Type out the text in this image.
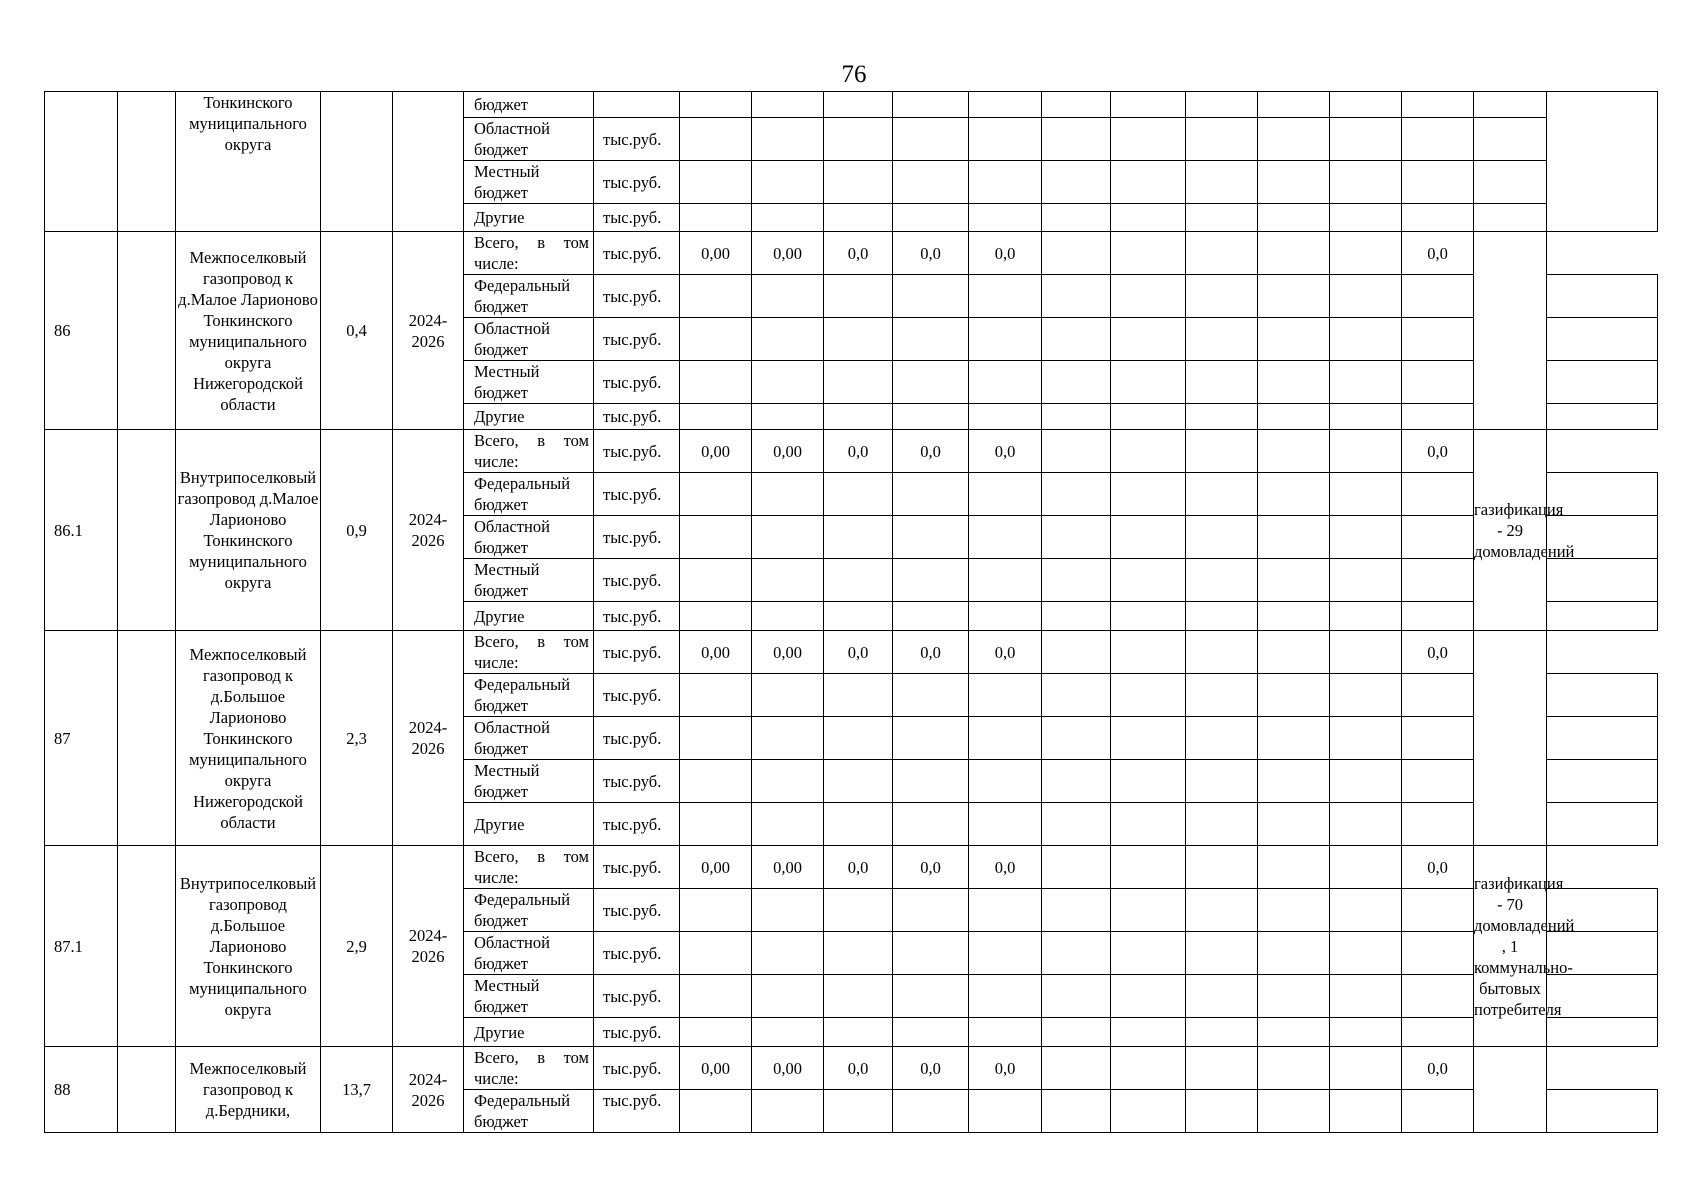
76
		Тонкинского муниципального округа			бюджет														
					Областной бюджет	тыс.руб.													
					Местный бюджет	тыс.руб.													
					Другие	тыс.руб.													
86		Межпоселковый газопровод к д.Малое Ларионово Тонкинского муниципального округа Нижегородской области	0,4	2024-2026	Всего, в том числе:	тыс.руб.	0,00	0,00	0,0	0,0	0,0						0,0		
					Федеральный бюджет	тыс.руб.													
					Областной бюджет	тыс.руб.													
					Местный бюджет	тыс.руб.													
					Другие	тыс.руб.													
86.1		Внутрипоселковый газопровод д.Малое Ларионово Тонкинского муниципального округа	0,9	2024-2026	Всего, в том числе:	тыс.руб.	0,00	0,00	0,0	0,0	0,0						0,0	газификация - 29 домовладений	
					Федеральный бюджет	тыс.руб.													
					Областной бюджет	тыс.руб.													
					Местный бюджет	тыс.руб.													
					Другие	тыс.руб.													
87		Межпоселковый газопровод к д.Большое Ларионово Тонкинского муниципального округа Нижегородской области	2,3	2024-2026	Всего, в том числе:	тыс.руб.	0,00	0,00	0,0	0,0	0,0						0,0		
					Федеральный бюджет	тыс.руб.													
					Областной бюджет	тыс.руб.													
					Местный бюджет	тыс.руб.													
					Другие	тыс.руб.													
87.1		Внутрипоселковый газопровод д.Большое Ларионово Тонкинского муниципального округа	2,9	2024-2026	Всего, в том числе:	тыс.руб.	0,00	0,00	0,0	0,0	0,0						0,0	газификация - 70 домовладений , 1 коммунально-бытовых потребителя	
					Федеральный бюджет	тыс.руб.													
					Областной бюджет	тыс.руб.													
					Местный бюджет	тыс.руб.													
					Другие	тыс.руб.													
88		Межпоселковый газопровод к д.Бердники,	13,7	2024-2026	Всего, в том числе:	тыс.руб.	0,00	0,00	0,0	0,0	0,0						0,0		
					Федеральный бюджет	тыс.руб.													
